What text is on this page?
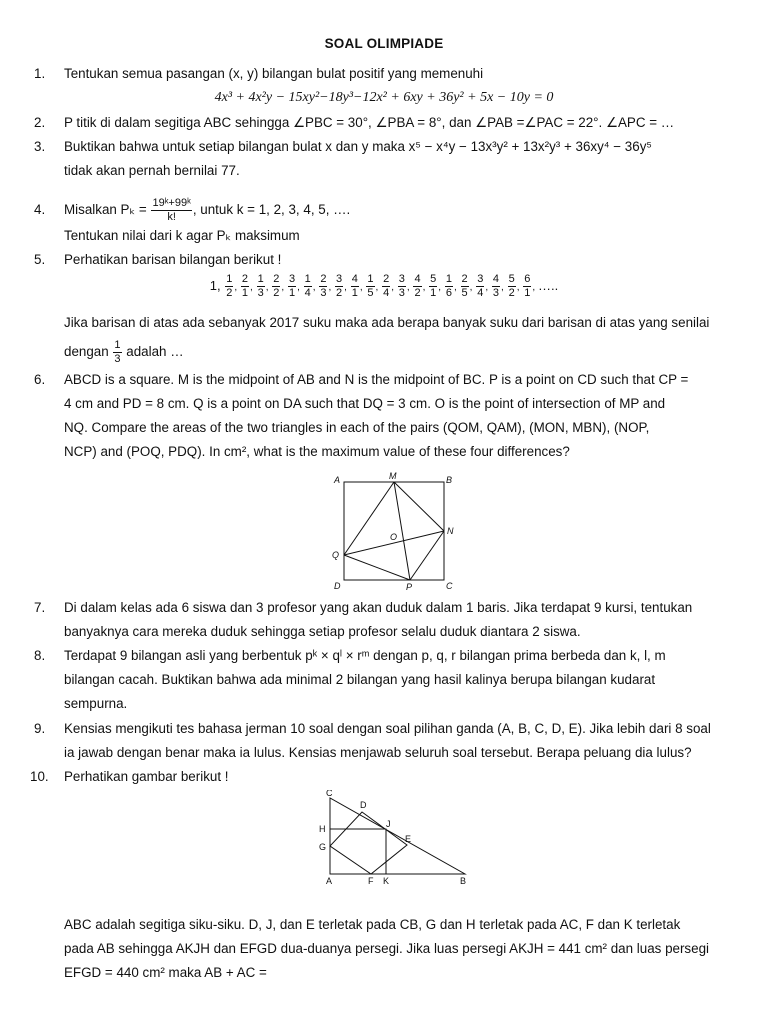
SOAL OLIMPIADE
1. Tentukan semua pasangan (x, y) bilangan bulat positif yang memenuhi
4x³ + 4x²y − 15xy²−18y³−12x² + 6xy + 36y² + 5x − 10y = 0
2. P titik di dalam segitiga ABC sehingga ∠PBC = 30°, ∠PBA = 8°, dan ∠PAB =∠PAC = 22°. ∠APC = …
3. Buktikan bahwa untuk setiap bilangan bulat x dan y maka x⁵ − x⁴y − 13x³y² + 13x²y³ + 36xy⁴ − 36y⁵
tidak akan pernah bernilai 77.
4. Misalkan $P_k = \frac{\text{19ᵏ+99ᵏ}}{k!}$ , untuk k = 1, 2, 3, 4, 5, ….
Tentukan nilai dari k agar Pₖ maksimum
5. Perhatikan barisan bilangan berikut !
1, $\frac{1}{2}$ , $\frac{2}{1}$ , $\frac{1}{3}$ , $\frac{2}{2}$ , $\frac{3}{1}$ , $\frac{1}{4}$ , $\frac{2}{3}$ , $\frac{3}{2}$ , $\frac{4}{1}$ , $\frac{1}{5}$ , $\frac{2}{4}$ , $\frac{3}{3}$ , $\frac{4}{2}$ , $\frac{5}{1}$ , $\frac{1}{6}$ , $\frac{2}{5}$ , $\frac{3}{4}$ , $\frac{4}{3}$ , $\frac{5}{2}$ , $\frac{6}{1}$ , …..
Jika barisan di atas ada sebanyak 2017 suku maka ada berapa banyak suku dari barisan di atas yang senilai
dengan $\frac{1}{3}$ adalah …
6. ABCD is a square. M is the midpoint of AB and N is the midpoint of BC. P is a point on CD such that CP =
4 cm and PD = 8 cm. Q is a point on DA such that DQ = 3 cm. O is the point of intersection of MP and
NQ. Compare the areas of the two triangles in each of the pairs (QOM, QAM), (MON, MBN), (NOP,
NCP) and (POQ, PDQ). In cm², what is the maximum value of these four differences?
A	M	B
N
O
Q
D	P	C
7. Di dalam kelas ada 6 siswa dan 3 profesor yang akan duduk dalam 1 baris. Jika terdapat 9 kursi, tentukan
banyaknya cara mereka duduk sehingga setiap profesor selalu duduk diantara 2 siswa.
8. Terdapat 9 bilangan asli yang berbentuk pᵏ × qˡ × rᵐ dengan p, q, r bilangan prima berbeda dan k, l, m
bilangan cacah. Buktikan bahwa ada minimal 2 bilangan yang hasil kalinya berupa bilangan kudarat
sempurna.
9. Kensias mengikuti tes bahasa jerman 10 soal dengan soal pilihan ganda (A, B, C, D, E). Jika lebih dari 8 soal
ia jawab dengan benar maka ia lulus. Kensias menjawab seluruh soal tersebut. Berapa peluang dia lulus?
10. Perhatikan gambar berikut !
C
D
H	J
G
E
A	F K	B
ABC adalah segitiga siku-siku. D, J, dan E terletak pada CB, G dan H terletak pada AC, F dan K terletak
pada AB sehingga AKJH dan EFGD dua-duanya persegi. Jika luas persegi AKJH = 441 cm² dan luas persegi
EFGD = 440 cm² maka AB + AC =
